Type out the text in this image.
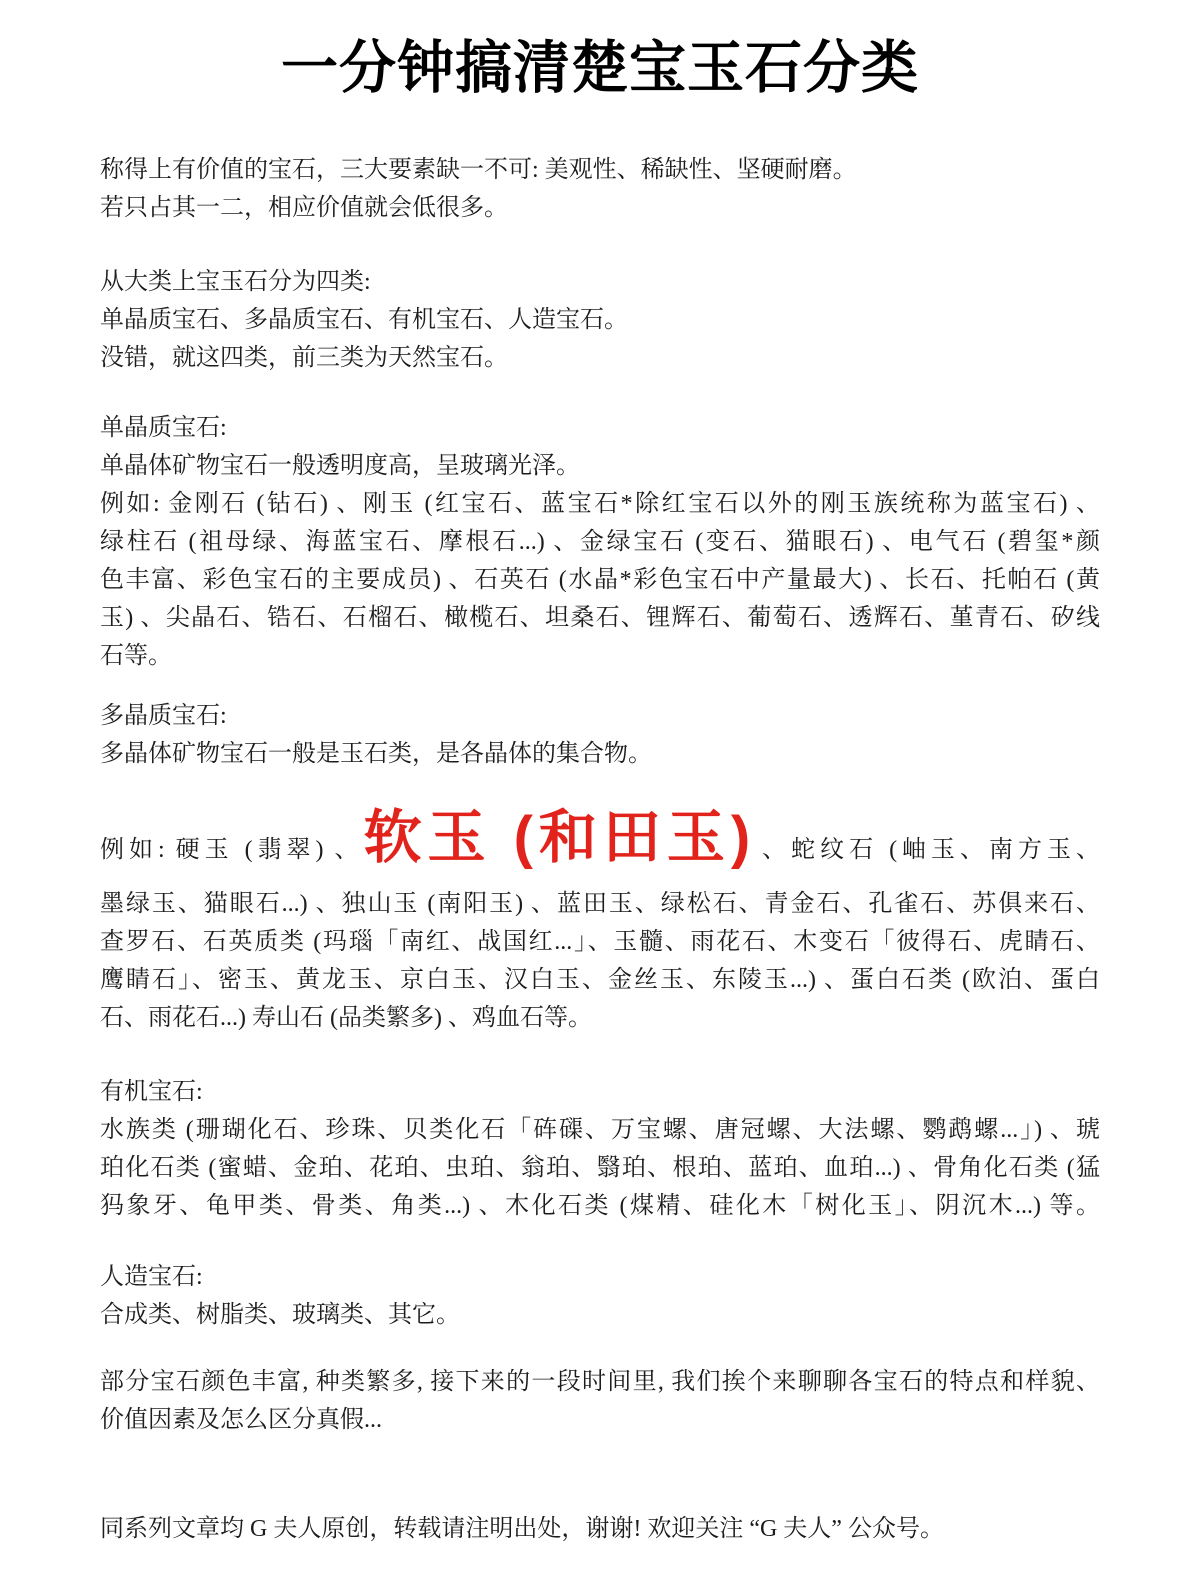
一分钟搞清楚宝玉石分类
称得上有价值的宝石，三大要素缺一不可: 美观性、稀缺性、坚硬耐磨。
若只占其一二，相应价值就会低很多。
从大类上宝玉石分为四类:
单晶质宝石、多晶质宝石、有机宝石、人造宝石。
没错，就这四类，前三类为天然宝石。
单晶质宝石:
单晶体矿物宝石一般透明度高，呈玻璃光泽。
例如: 金刚石 (钻石) 、刚玉 (红宝石、蓝宝石*除红宝石以外的刚玉族统称为蓝宝石) 、
绿柱石 (祖母绿、海蓝宝石、摩根石...) 、金绿宝石 (变石、猫眼石) 、电气石 (碧玺*颜
色丰富、彩色宝石的主要成员) 、石英石 (水晶*彩色宝石中产量最大) 、长石、托帕石 (黄
玉) 、尖晶石、锆石、石榴石、橄榄石、坦桑石、锂辉石、葡萄石、透辉石、堇青石、矽线
石等。
多晶质宝石:
多晶体矿物宝石一般是玉石类，是各晶体的集合物。
例如: 硬玉 (翡翠) 、软玉 (和田玉) 、蛇纹石 (岫玉、南方玉、
墨绿玉、猫眼石...) 、独山玉 (南阳玉) 、蓝田玉、绿松石、青金石、孔雀石、苏俱来石、
查罗石、石英质类 (玛瑙「南红、战国红...」、玉髓、雨花石、木变石「彼得石、虎睛石、
鹰睛石」、密玉、黄龙玉、京白玉、汉白玉、金丝玉、东陵玉...) 、蛋白石类 (欧泊、蛋白
石、雨花石...) 寿山石 (品类繁多) 、鸡血石等。
有机宝石:
水族类 (珊瑚化石、珍珠、贝类化石「砗磲、万宝螺、唐冠螺、大法螺、鹦鹉螺...」) 、琥
珀化石类 (蜜蜡、金珀、花珀、虫珀、翁珀、翳珀、根珀、蓝珀、血珀...) 、骨角化石类 (猛
犸象牙、龟甲类、骨类、角类...) 、木化石类 (煤精、硅化木「树化玉」、阴沉木...) 等。
人造宝石:
合成类、树脂类、玻璃类、其它。
部分宝石颜色丰富, 种类繁多, 接下来的一段时间里, 我们挨个来聊聊各宝石的特点和样貌、
价值因素及怎么区分真假...
同系列文章均 G 夫人原创，转载请注明出处，谢谢! 欢迎关注 “G 夫人” 公众号。
